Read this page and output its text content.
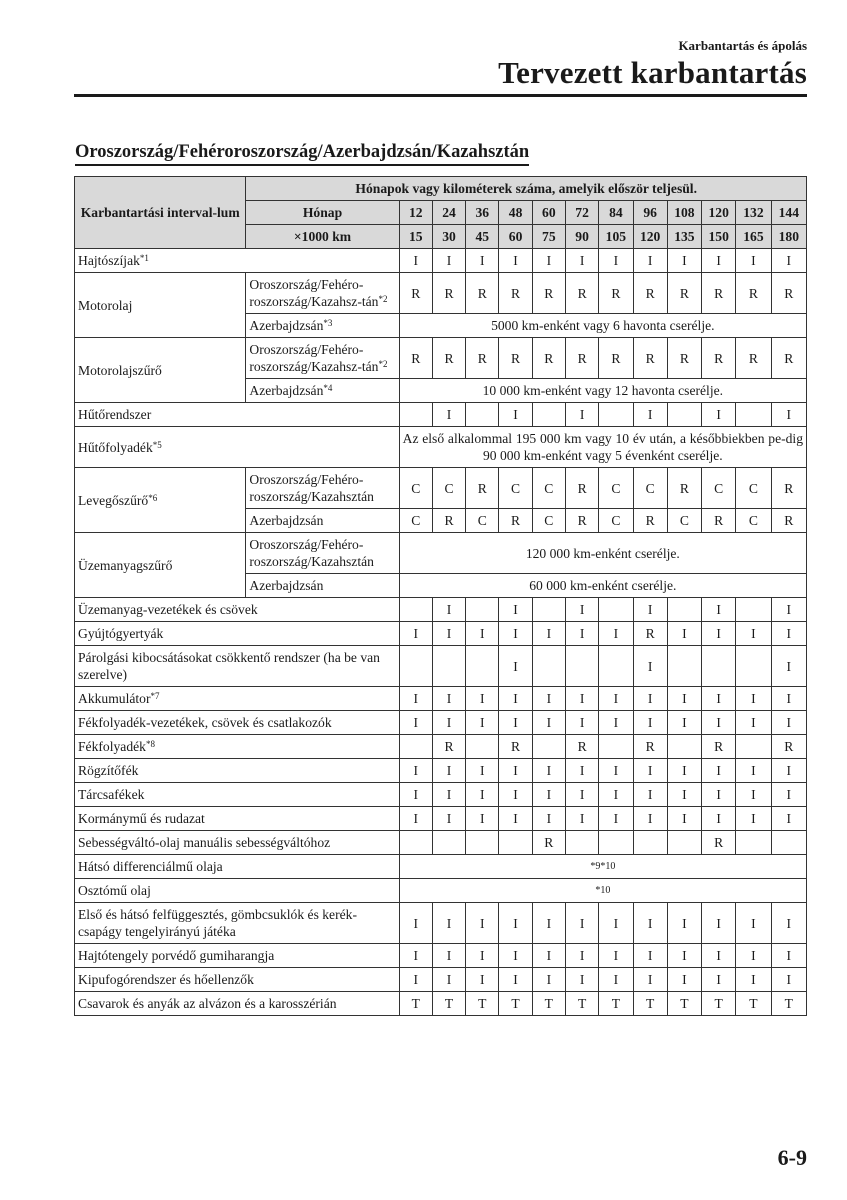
Karbantartás és ápolás
Tervezett karbantartás
Oroszország/Fehéroroszország/Azerbajdzsán/Kazahsztán
Karbantartási interval-lum	Hónapok vagy kilométerek száma, amelyik először teljesül.												
	Hónap	12	24	36	48	60	72	84	96	108	120	132	144
	×1000 km	15	30	45	60	75	90	105	120	135	150	165	180
Hajtószíjak$^{*1}$		I	I	I	I	I	I	I	I	I	I	I	I
Motorolaj	Oroszország/Fehéro-roszország/Kazahsz-tán$^{*2}$	R	R	R	R	R	R	R	R	R	R	R	R
	Azerbajdzsán$^{*3}$	5000 km-enként vagy 6 havonta cserélje.											
Motorolajszűrő	Oroszország/Fehéro-roszország/Kazahsz-tán$^{*2}$	R	R	R	R	R	R	R	R	R	R	R	R
	Azerbajdzsán$^{*4}$	10 000 km-enként vagy 12 havonta cserélje.											
Hűtőrendszer			I		I		I		I		I		I
Hűtőfolyadék$^{*5}$		Az első alkalommal 195 000 km vagy 10 év után, a későbbiekben pe-dig 90 000 km-enként vagy 5 évenként cserélje.											
Levegőszűrő$^{*6}$	Oroszország/Fehéro-roszország/Kazahsztán	C	C	R	C	C	R	C	C	R	C	C	R
	Azerbajdzsán	C	R	C	R	C	R	C	R	C	R	C	R
Üzemanyagszűrő	Oroszország/Fehéro-roszország/Kazahsztán	120 000 km-enként cserélje.											
	Azerbajdzsán	60 000 km-enként cserélje.											
Üzemanyag-vezetékek és csövek			I		I		I		I		I		I
Gyújtógyertyák		I	I	I	I	I	I	I	R	I	I	I	I
Párolgási kibocsátásokat csökkentő rendszer (ha be van szerelve)					I				I				I
Akkumulátor$^{*7}$		I	I	I	I	I	I	I	I	I	I	I	I
Fékfolyadék-vezetékek, csövek és csatlakozók		I	I	I	I	I	I	I	I	I	I	I	I
Fékfolyadék$^{*8}$			R		R		R		R		R		R
Rögzítőfék		I	I	I	I	I	I	I	I	I	I	I	I
Tárcsafékek		I	I	I	I	I	I	I	I	I	I	I	I
Kormánymű és rudazat		I	I	I	I	I	I	I	I	I	I	I	I
Sebességváltó-olaj manuális sebességváltóhoz						R					R		
Hátsó differenciálmű olaja		*9*10											
Osztómű olaj		*10											
Első és hátsó felfüggesztés, gömbcsuklók és kerék-csapágy tengelyirányú játéka		I	I	I	I	I	I	I	I	I	I	I	I
Hajtótengely porvédő gumiharangja		I	I	I	I	I	I	I	I	I	I	I	I
Kipufogórendszer és hőellenzők		I	I	I	I	I	I	I	I	I	I	I	I
Csavarok és anyák az alvázon és a karosszérián		T	T	T	T	T	T	T	T	T	T	T	T
6-9
